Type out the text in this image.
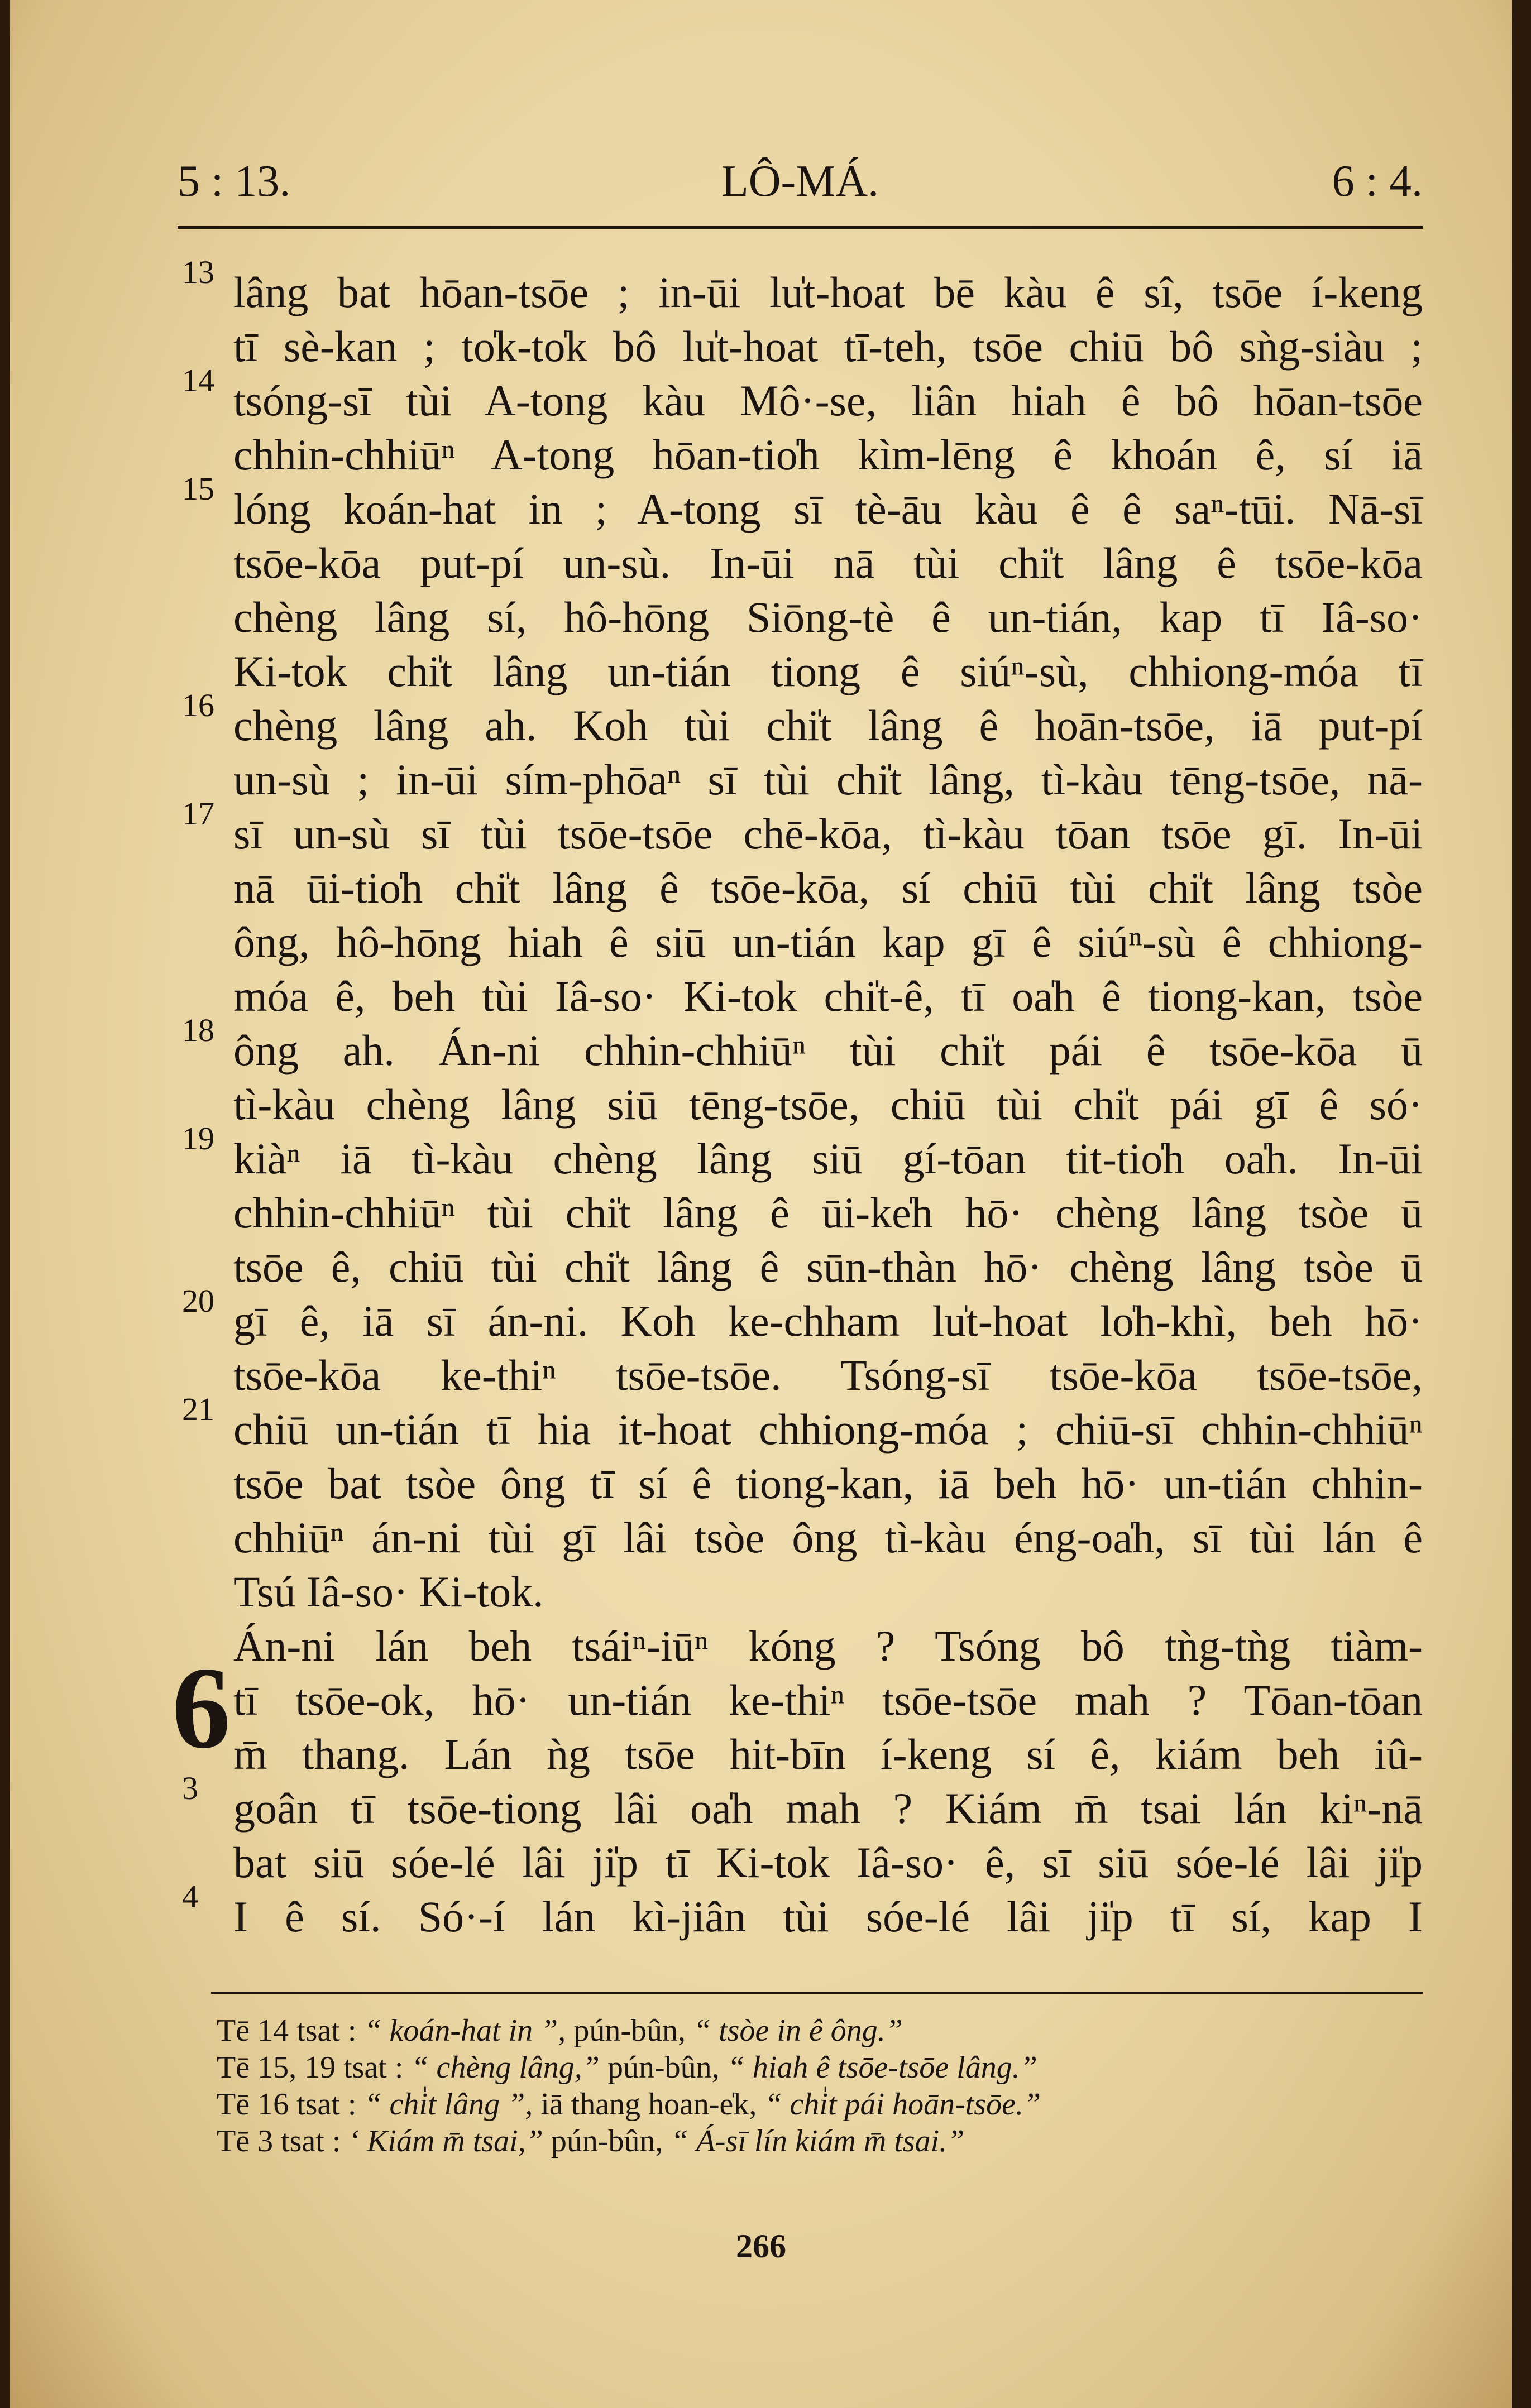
5 : 13.	LÔ-MÁ.	6 : 4.
6
13 lâng bat hōan-tsōe ; in-ūi lu̍t-hoat bē kàu ê sî, tsōe í-keng
tī sè-kan ; to̍k-to̍k bô lu̍t-hoat tī-teh, tsōe chiū bô sǹg-siàu ;
14 tsóng-sī tùi A-tong kàu Mô·-se, liân hiah ê bô hōan-tsōe
chhin-chhiūⁿ A-tong hōan-tio̍h kìm-lēng ê khoán ê, sí iā
15 lóng koán-hat in ; A-tong sī tè-āu kàu ê ê saⁿ-tūi. Nā-sī
tsōe-kōa put-pí un-sù. In-ūi nā tùi chi̍t lâng ê tsōe-kōa
chèng lâng sí, hô-hōng Siōng-tè ê un-tián, kap tī Iâ-so·
Ki-tok chi̍t lâng un-tián tiong ê siúⁿ-sù, chhiong-móa tī
16 chèng lâng ah. Koh tùi chi̍t lâng ê hoān-tsōe, iā put-pí
un-sù ; in-ūi sím-phōaⁿ sī tùi chi̍t lâng, tì-kàu tēng-tsōe, nā-
17 sī un-sù sī tùi tsōe-tsōe chē-kōa, tì-kàu tōan tsōe gī. In-ūi
nā ūi-tio̍h chi̍t lâng ê tsōe-kōa, sí chiū tùi chi̍t lâng tsòe
ông, hô-hōng hiah ê siū un-tián kap gī ê siúⁿ-sù ê chhiong-
móa ê, beh tùi Iâ-so· Ki-tok chi̍t-ê, tī oa̍h ê tiong-kan, tsòe
18 ông ah. Án-ni chhin-chhiūⁿ tùi chi̍t pái ê tsōe-kōa ū
tì-kàu chèng lâng siū tēng-tsōe, chiū tùi chi̍t pái gī ê só·
19 kiàⁿ iā tì-kàu chèng lâng siū gí-tōan tit-tio̍h oa̍h. In-ūi
chhin-chhiūⁿ tùi chi̍t lâng ê ūi-ke̍h hō· chèng lâng tsòe ū
tsōe ê, chiū tùi chi̍t lâng ê sūn-thàn hō· chèng lâng tsòe ū
20 gī ê, iā sī án-ni. Koh ke-chham lu̍t-hoat lo̍h-khì, beh hō·
tsōe-kōa ke-thiⁿ tsōe-tsōe. Tsóng-sī tsōe-kōa tsōe-tsōe,
21 chiū un-tián tī hia it-hoat chhiong-móa ; chiū-sī chhin-chhiūⁿ
tsōe bat tsòe ông tī sí ê tiong-kan, iā beh hō· un-tián chhin-
chhiūⁿ án-ni tùi gī lâi tsòe ông tì-kàu éng-oa̍h, sī tùi lán ê
Tsú Iâ-so· Ki-tok.
Án-ni lán beh tsáiⁿ-iūⁿ kóng ? Tsóng bô tǹg-tǹg tiàm-
tī tsōe-ok, hō· un-tián ke-thiⁿ tsōe-tsōe mah ? Tōan-tōan
m̄ thang. Lán ǹg tsōe hit-bīn í-keng sí ê, kiám beh iû-
3 goân tī tsōe-tiong lâi oa̍h mah ? Kiám m̄ tsai lán kiⁿ-nā
bat siū sóe-lé lâi ji̍p tī Ki-tok Iâ-so· ê, sī siū sóe-lé lâi ji̍p
4 I ê sí. Só·-í lán kì-jiân tùi sóe-lé lâi ji̍p tī sí, kap I
Tē 14 tsat : “ koán-hat in ”, pún-bûn, “ tsòe in ê ông.”
Tē 15, 19 tsat : “ chèng lâng,” pún-bûn, “ hiah ê tsōe-tsōe lâng.”
Tē 16 tsat : “ chi̍t lâng ”, iā thang hoan-e̍k, “ chi̍t pái hoān-tsōe.”
Tē 3 tsat : ‘ Kiám m̄ tsai,” pún-bûn, “ Á-sī lín kiám m̄ tsai.”
266
